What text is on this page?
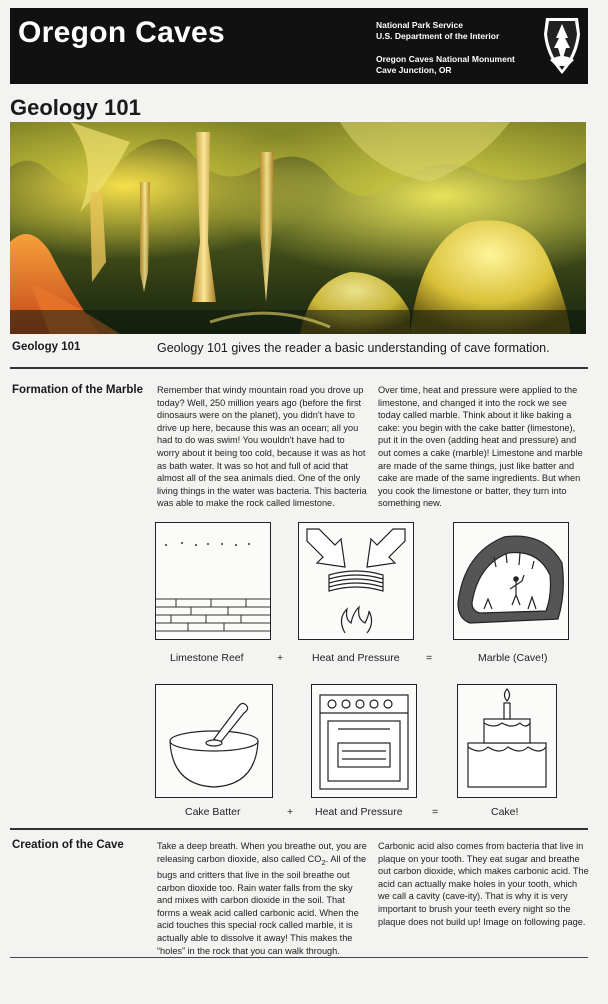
Oregon Caves	National Park Service
U.S. Department of the Interior
Oregon Caves National Monument
Cave Junction, OR
Geology 101
Geology 101	Geology 101 gives the reader a basic understanding of cave formation.
Formation of the Marble Remember that windy mountain road you drove up today? Well, 250 million years ago (before the first dinosaurs were on the planet), you didn't have to drive up here, because this was an ocean; all you had to do was swim! You wouldn't have had to worry about it being too cold, because it was as hot as bath water. It was so hot and full of acid that almost all of the sea animals died. One of the only living things in the water was bacteria. This bacteria was able to make the rock called limestone.

Over time, heat and pressure were applied to the limestone, and changed it into the rock we see today called marble. Think about it like baking a cake: you begin with the cake batter (limestone), put it in the oven (adding heat and pressure) and out comes a cake (marble)! Limestone and marble are made of the same things, just like batter and cake are made of the same ingredients. But when you cook the limestone or batter, they turn into something new.

Limestone Reef	+	Heat and Pressure	=	Marble (Cave!)
Cake Batter	+ Heat and Pressure	=	Cake!
Creation of the Cave	Take a deep breath. When you breathe out, you are releasing carbon dioxide, also called $CO_2$. All of the bugs and critters that live in the soil breathe out carbon dioxide too. Rain water falls from the sky and mixes with carbon dioxide in the soil. That forms a weak acid called carbonic acid. When the acid touches this special rock called marble, it is actually able to dissolve it away! This makes the “holes” in the rock that you can walk through.

Carbonic acid also comes from bacteria that live in plaque on your tooth. They eat sugar and breathe out carbon dioxide, which makes carbonic acid. The acid can actually make holes in your tooth, which we call a cavity (cave-ity). That is why it is very important to brush your teeth every night so the plaque does not build up! Image on following page.
